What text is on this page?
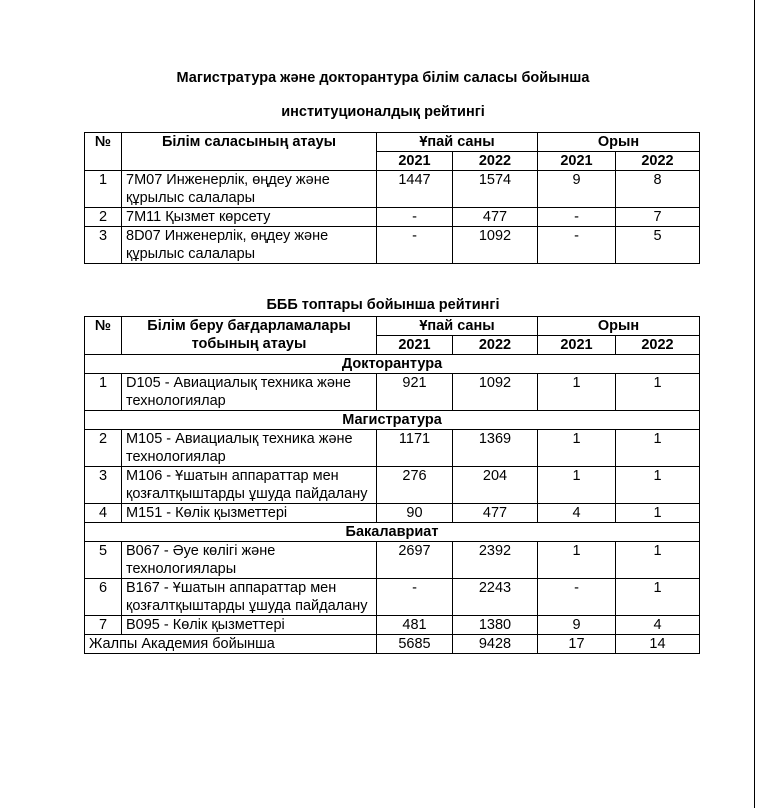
Магистратура және докторантура білім саласы бойынша
институционалдық рейтингі
№	Білім саласының атауы	Ұпай саны		Орын	
		2021	2022	2021	2022
1	7М07 Инженерлік, өңдеу және құрылыс салалары	1447	1574	9	8
2	7М11 Қызмет көрсету	-	477	-	7
3	8D07 Инженерлік, өңдеу және құрылыс салалары	-	1092	-	5
БББ топтары бойынша рейтингі
№	Білім беру бағдарламалары тобының атауы	Ұпай саны		Орын	
		2021	2022	2021	2022
Докторантура					
1	D105 - Авиациалық техника және технологиялар	921	1092	1	1
Магистратура					
2	M105 - Авиациалық техника және технологиялар	1171	1369	1	1
3	M106 - Ұшатын аппараттар мен қозғалтқыштарды ұшуда пайдалану	276	204	1	1
4	M151 - Көлік қызметтері	90	477	4	1
Бакалавриат					
5	B067 - Әуе көлігі және технологиялары	2697	2392	1	1
6	B167 - Ұшатын аппараттар мен қозғалтқыштарды ұшуда пайдалану	-	2243	-	1
7	B095 - Көлік қызметтері	481	1380	9	4
Жалпы Академия бойынша		5685	9428	17	14
